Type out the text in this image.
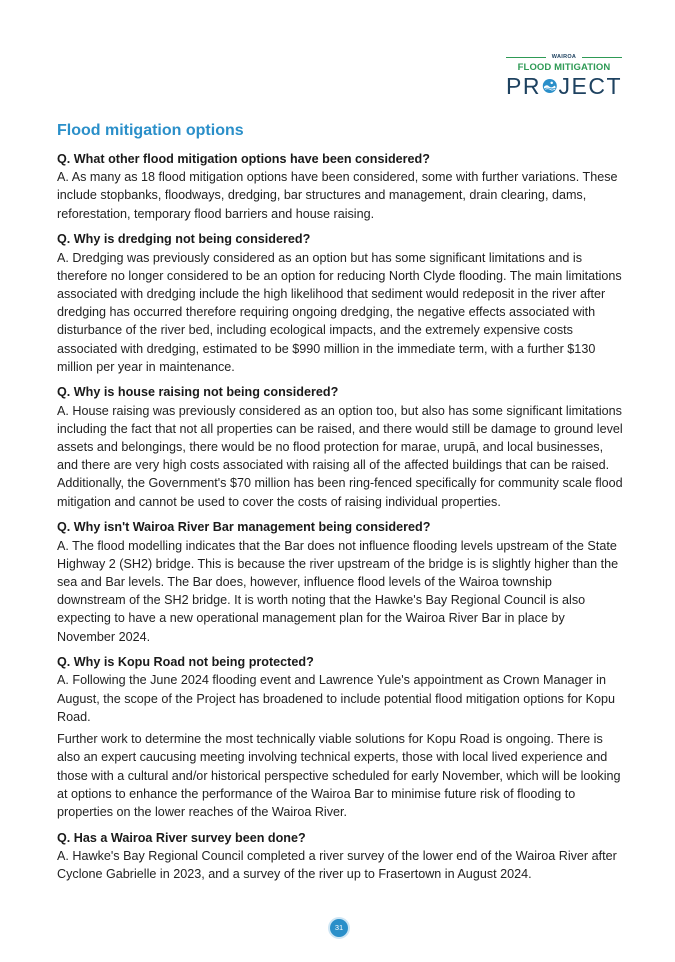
WAIROA
FLOOD MITIGATION
PR JECT
Flood mitigation options

Q. What other flood mitigation options have been considered?

A. As many as 18 flood mitigation options have been considered, some with further variations. These include stopbanks, floodways, dredging, bar structures and management, drain clearing, dams, reforestation, temporary flood barriers and house raising.

Q. Why is dredging not being considered?

A. Dredging was previously considered as an option but has some significant limitations and is therefore no longer considered to be an option for reducing North Clyde flooding. The main limitations associated with dredging include the high likelihood that sediment would redeposit in the river after dredging has occurred therefore requiring ongoing dredging, the negative effects associated with disturbance of the river bed, including ecological impacts, and the extremely expensive costs associated with dredging, estimated to be $990 million in the immediate term, with a further $130 million per year in maintenance.

Q. Why is house raising not being considered?

A. House raising was previously considered as an option too, but also has some significant limitations including the fact that not all properties can be raised, and there would still be damage to ground level assets and belongings, there would be no flood protection for marae, urupā, and local businesses, and there are very high costs associated with raising all of the affected buildings that can be raised. Additionally, the Government's $70 million has been ring-fenced specifically for community scale flood mitigation and cannot be used to cover the costs of raising individual properties.

Q. Why isn't Wairoa River Bar management being considered?

A. The flood modelling indicates that the Bar does not influence flooding levels upstream of the State Highway 2 (SH2) bridge. This is because the river upstream of the bridge is is slightly higher than the sea and Bar levels. The Bar does, however, influence flood levels of the Wairoa township downstream of the SH2 bridge. It is worth noting that the Hawke's Bay Regional Council is also expecting to have a new operational management plan for the Wairoa River Bar in place by November 2024.

Q. Why is Kopu Road not being protected?

A. Following the June 2024 flooding event and Lawrence Yule's appointment as Crown Manager in August, the scope of the Project has broadened to include potential flood mitigation options for Kopu Road.

Further work to determine the most technically viable solutions for Kopu Road is ongoing. There is also an expert caucusing meeting involving technical experts, those with local lived experience and those with a cultural and/or historical perspective scheduled for early November, which will be looking at options to enhance the performance of the Wairoa Bar to minimise future risk of flooding to properties on the lower reaches of the Wairoa River.

Q. Has a Wairoa River survey been done?

A. Hawke's Bay Regional Council completed a river survey of the lower end of the Wairoa River after Cyclone Gabrielle in 2023, and a survey of the river up to Frasertown in August 2024.

31
